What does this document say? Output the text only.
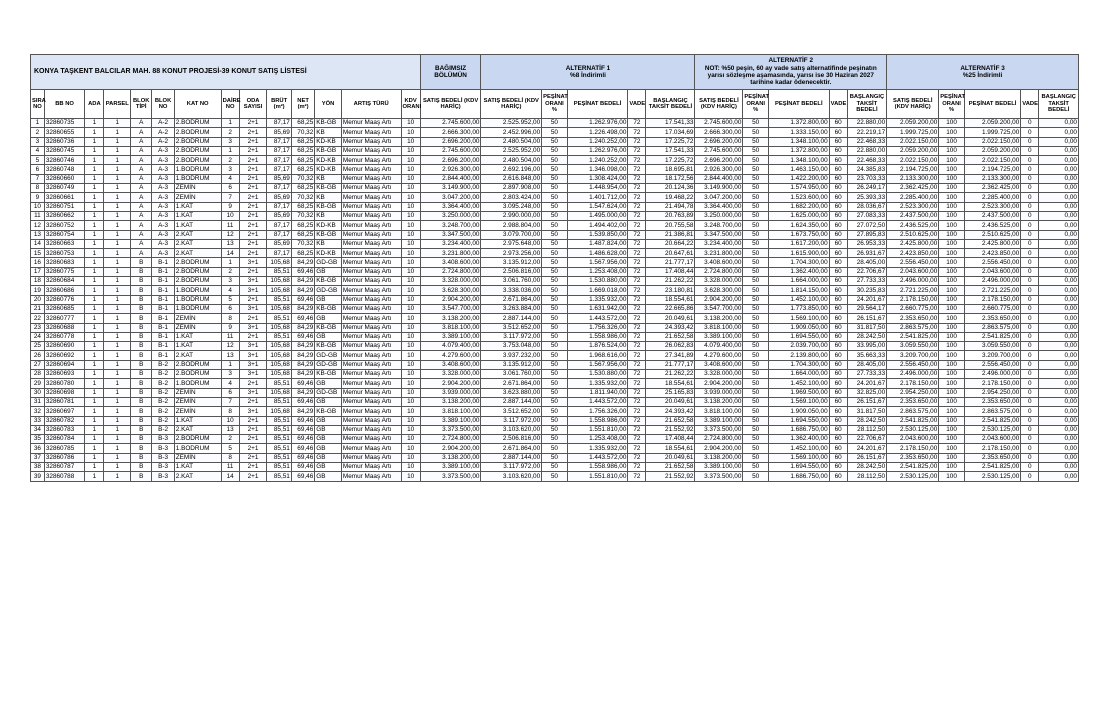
KONYA TAŞKENT BALCILAR MAH. 88 KONUT PROJESİ-39 KONUT SATIŞ LİSTESİ														BAĞIMSIZ BÖLÜMÜN	ALTERNATİF 1
%8 İndirimli					ALTERNATİF 2
NOT: %50 peşin, 60 ay vade satış alternatifinde peşinatın yarısı sözleşme aşamasında, yarısı ise 30 Haziran 2027 tarihine kadar ödenecektir.					ALTERNATİF 3
%25 İndirimli				
SIRA NO	BB NO	ADA	PARSEL	BLOK TİPİ	BLOK NO	KAT NO	DAİRE NO	ODA SAYISI	BRÜT (m²)	NET (m²)	YÖN	ARTIŞ TÜRÜ	KDV ORANI	SATIŞ BEDELİ (KDV HARİÇ)	SATIŞ BEDELİ (KDV HARİÇ)	PEŞİNAT ORANI %	PEŞİNAT BEDELİ	VADE	BAŞLANGIÇ TAKSİT BEDELİ	SATIŞ BEDELİ (KDV HARİÇ)	PEŞİNAT ORANI %	PEŞİNAT BEDELİ	VADE	BAŞLANGIÇ TAKSİT BEDELİ	SATIŞ BEDELİ (KDV HARİÇ)	PEŞİNAT ORANI %	PEŞİNAT BEDELİ	VADE	BAŞLANGIÇ TAKSİT BEDELİ
1	32860735	1	1	A	A-2	2.BODRUM	1	2+1	87,17	68,25	KB-GB	Memur Maaş Artı	10	2.745.600,00	2.525.952,00	50	1.262.976,00	72	17.541,33	2.745.600,00	50	1.372.800,00	60	22.880,00	2.059.200,00	100	2.059.200,00	0	0,00
2	32860655	1	1	A	A-2	2.BODRUM	2	2+1	85,69	70,32	KB	Memur Maaş Artı	10	2.666.300,00	2.452.996,00	50	1.226.498,00	72	17.034,69	2.666.300,00	50	1.333.150,00	60	22.219,17	1.999.725,00	100	1.999.725,00	0	0,00
3	32860736	1	1	A	A-2	2.BODRUM	3	2+1	87,17	68,25	KD-KB	Memur Maaş Artı	10	2.696.200,00	2.480.504,00	50	1.240.252,00	72	17.225,72	2.696.200,00	50	1.348.100,00	60	22.468,33	2.022.150,00	100	2.022.150,00	0	0,00
4	32860745	1	1	A	A-3	2.BODRUM	1	2+1	87,17	68,25	KB-GB	Memur Maaş Artı	10	2.745.600,00	2.525.952,00	50	1.262.976,00	72	17.541,33	2.745.600,00	50	1.372.800,00	60	22.880,00	2.059.200,00	100	2.059.200,00	0	0,00
5	32860746	1	1	A	A-3	2.BODRUM	2	2+1	87,17	68,25	KD-KB	Memur Maaş Artı	10	2.696.200,00	2.480.504,00	50	1.240.252,00	72	17.225,72	2.696.200,00	50	1.348.100,00	60	22.468,33	2.022.150,00	100	2.022.150,00	0	0,00
6	32860748	1	1	A	A-3	1.BODRUM	3	2+1	87,17	68,25	KD-KB	Memur Maaş Artı	10	2.926.300,00	2.692.196,00	50	1.346.098,00	72	18.695,81	2.926.300,00	50	1.463.150,00	60	24.385,83	2.194.725,00	100	2.194.725,00	0	0,00
7	32860660	1	1	A	A-3	1.BODRUM	4	2+1	85,69	70,32	KB	Memur Maaş Artı	10	2.844.400,00	2.616.848,00	50	1.308.424,00	72	18.172,56	2.844.400,00	50	1.422.200,00	60	23.703,33	2.133.300,00	100	2.133.300,00	0	0,00
8	32860749	1	1	A	A-3	ZEMİN	6	2+1	87,17	68,25	KB-GB	Memur Maaş Artı	10	3.149.900,00	2.897.908,00	50	1.448.954,00	72	20.124,36	3.149.900,00	50	1.574.950,00	60	26.249,17	2.362.425,00	100	2.362.425,00	0	0,00
9	32860661	1	1	A	A-3	ZEMİN	7	2+1	85,69	70,32	KB	Memur Maaş Artı	10	3.047.200,00	2.803.424,00	50	1.401.712,00	72	19.468,22	3.047.200,00	50	1.523.600,00	60	25.393,33	2.285.400,00	100	2.285.400,00	0	0,00
10	32860751	1	1	A	A-3	1.KAT	9	2+1	87,17	68,25	KB-GB	Memur Maaş Artı	10	3.364.400,00	3.095.248,00	50	1.547.624,00	72	21.494,78	3.364.400,00	50	1.682.200,00	60	28.036,67	2.523.300,00	100	2.523.300,00	0	0,00
11	32860662	1	1	A	A-3	1.KAT	10	2+1	85,69	70,32	KB	Memur Maaş Artı	10	3.250.000,00	2.990.000,00	50	1.495.000,00	72	20.763,89	3.250.000,00	50	1.625.000,00	60	27.083,33	2.437.500,00	100	2.437.500,00	0	0,00
12	32860752	1	1	A	A-3	1.KAT	11	2+1	87,17	68,25	KD-KB	Memur Maaş Artı	10	3.248.700,00	2.988.804,00	50	1.494.402,00	72	20.755,58	3.248.700,00	50	1.624.350,00	60	27.072,50	2.436.525,00	100	2.436.525,00	0	0,00
13	32860754	1	1	A	A-3	2.KAT	12	2+1	87,17	68,25	KB-GB	Memur Maaş Artı	10	3.347.500,00	3.079.700,00	50	1.539.850,00	72	21.386,81	3.347.500,00	50	1.673.750,00	60	27.895,83	2.510.625,00	100	2.510.625,00	0	0,00
14	32860663	1	1	A	A-3	2.KAT	13	2+1	85,69	70,32	KB	Memur Maaş Artı	10	3.234.400,00	2.975.648,00	50	1.487.824,00	72	20.664,22	3.234.400,00	50	1.617.200,00	60	26.953,33	2.425.800,00	100	2.425.800,00	0	0,00
15	32860753	1	1	A	A-3	2.KAT	14	2+1	87,17	68,25	KD-KB	Memur Maaş Artı	10	3.231.800,00	2.973.256,00	50	1.486.628,00	72	20.647,61	3.231.800,00	50	1.615.900,00	60	26.931,67	2.423.850,00	100	2.423.850,00	0	0,00
16	32860683	1	1	B	B-1	2.BODRUM	1	3+1	105,68	84,29	GD-GB	Memur Maaş Artı	10	3.408.600,00	3.135.912,00	50	1.567.956,00	72	21.777,17	3.408.600,00	50	1.704.300,00	60	28.405,00	2.556.450,00	100	2.556.450,00	0	0,00
17	32860775	1	1	B	B-1	2.BODRUM	2	2+1	85,51	69,46	GB	Memur Maaş Artı	10	2.724.800,00	2.506.816,00	50	1.253.408,00	72	17.408,44	2.724.800,00	50	1.362.400,00	60	22.706,67	2.043.600,00	100	2.043.600,00	0	0,00
18	32860684	1	1	B	B-1	2.BODRUM	3	3+1	105,68	84,29	KB-GB	Memur Maaş Artı	10	3.328.000,00	3.061.760,00	50	1.530.880,00	72	21.262,22	3.328.000,00	50	1.664.000,00	60	27.733,33	2.496.000,00	100	2.496.000,00	0	0,00
19	32860686	1	1	B	B-1	1.BODRUM	4	3+1	105,68	84,29	GD-GB	Memur Maaş Artı	10	3.628.300,00	3.338.036,00	50	1.669.018,00	72	23.180,81	3.628.300,00	50	1.814.150,00	60	30.235,83	2.721.225,00	100	2.721.225,00	0	0,00
20	32860776	1	1	B	B-1	1.BODRUM	5	2+1	85,51	69,46	GB	Memur Maaş Artı	10	2.904.200,00	2.671.864,00	50	1.335.932,00	72	18.554,61	2.904.200,00	50	1.452.100,00	60	24.201,67	2.178.150,00	100	2.178.150,00	0	0,00
21	32860685	1	1	B	B-1	1.BODRUM	6	3+1	105,68	84,29	KB-GB	Memur Maaş Artı	10	3.547.700,00	3.263.884,00	50	1.631.942,00	72	22.665,86	3.547.700,00	50	1.773.850,00	60	29.564,17	2.660.775,00	100	2.660.775,00	0	0,00
22	32860777	1	1	B	B-1	ZEMİN	8	2+1	85,51	69,46	GB	Memur Maaş Artı	10	3.138.200,00	2.887.144,00	50	1.443.572,00	72	20.049,61	3.138.200,00	50	1.569.100,00	60	26.151,67	2.353.650,00	100	2.353.650,00	0	0,00
23	32860688	1	1	B	B-1	ZEMİN	9	3+1	105,68	84,29	KB-GB	Memur Maaş Artı	10	3.818.100,00	3.512.652,00	50	1.756.326,00	72	24.393,42	3.818.100,00	50	1.909.050,00	60	31.817,50	2.863.575,00	100	2.863.575,00	0	0,00
24	32860778	1	1	B	B-1	1.KAT	11	2+1	85,51	69,46	GB	Memur Maaş Artı	10	3.389.100,00	3.117.972,00	50	1.558.986,00	72	21.652,58	3.389.100,00	50	1.694.550,00	60	28.242,50	2.541.825,00	100	2.541.825,00	0	0,00
25	32860690	1	1	B	B-1	1.KAT	12	3+1	105,68	84,29	KB-GB	Memur Maaş Artı	10	4.079.400,00	3.753.048,00	50	1.876.524,00	72	26.062,83	4.079.400,00	50	2.039.700,00	60	33.995,00	3.059.550,00	100	3.059.550,00	0	0,00
26	32860692	1	1	B	B-1	2.KAT	13	3+1	105,68	84,29	GD-GB	Memur Maaş Artı	10	4.279.600,00	3.937.232,00	50	1.968.616,00	72	27.341,89	4.279.600,00	50	2.139.800,00	60	35.663,33	3.209.700,00	100	3.209.700,00	0	0,00
27	32860694	1	1	B	B-2	2.BODRUM	1	3+1	105,68	84,29	GD-GB	Memur Maaş Artı	10	3.408.600,00	3.135.912,00	50	1.567.956,00	72	21.777,17	3.408.600,00	50	1.704.300,00	60	28.405,00	2.556.450,00	100	2.556.450,00	0	0,00
28	32860693	1	1	B	B-2	2.BODRUM	3	3+1	105,68	84,29	KB-GB	Memur Maaş Artı	10	3.328.000,00	3.061.760,00	50	1.530.880,00	72	21.262,22	3.328.000,00	50	1.664.000,00	60	27.733,33	2.496.000,00	100	2.496.000,00	0	0,00
29	32860780	1	1	B	B-2	1.BODRUM	4	2+1	85,51	69,46	GB	Memur Maaş Artı	10	2.904.200,00	2.671.864,00	50	1.335.932,00	72	18.554,61	2.904.200,00	50	1.452.100,00	60	24.201,67	2.178.150,00	100	2.178.150,00	0	0,00
30	32860698	1	1	B	B-2	ZEMİN	6	3+1	105,68	84,29	GD-GB	Memur Maaş Artı	10	3.939.000,00	3.623.880,00	50	1.811.940,00	72	25.165,83	3.939.000,00	50	1.969.500,00	60	32.825,00	2.954.250,00	100	2.954.250,00	0	0,00
31	32860781	1	1	B	B-2	ZEMİN	7	2+1	85,51	69,46	GB	Memur Maaş Artı	10	3.138.200,00	2.887.144,00	50	1.443.572,00	72	20.049,61	3.138.200,00	50	1.569.100,00	60	26.151,67	2.353.650,00	100	2.353.650,00	0	0,00
32	32860697	1	1	B	B-2	ZEMİN	8	3+1	105,68	84,29	KB-GB	Memur Maaş Artı	10	3.818.100,00	3.512.652,00	50	1.756.326,00	72	24.393,42	3.818.100,00	50	1.909.050,00	60	31.817,50	2.863.575,00	100	2.863.575,00	0	0,00
33	32860782	1	1	B	B-2	1.KAT	10	2+1	85,51	69,46	GB	Memur Maaş Artı	10	3.389.100,00	3.117.972,00	50	1.558.986,00	72	21.652,58	3.389.100,00	50	1.694.550,00	60	28.242,50	2.541.825,00	100	2.541.825,00	0	0,00
34	32860783	1	1	B	B-2	2.KAT	13	2+1	85,51	69,46	GB	Memur Maaş Artı	10	3.373.500,00	3.103.620,00	50	1.551.810,00	72	21.552,92	3.373.500,00	50	1.686.750,00	60	28.112,50	2.530.125,00	100	2.530.125,00	0	0,00
35	32860784	1	1	B	B-3	2.BODRUM	2	2+1	85,51	69,46	GB	Memur Maaş Artı	10	2.724.800,00	2.506.816,00	50	1.253.408,00	72	17.408,44	2.724.800,00	50	1.362.400,00	60	22.706,67	2.043.600,00	100	2.043.600,00	0	0,00
36	32860785	1	1	B	B-3	1.BODRUM	5	2+1	85,51	69,46	GB	Memur Maaş Artı	10	2.904.200,00	2.671.864,00	50	1.335.932,00	72	18.554,61	2.904.200,00	50	1.452.100,00	60	24.201,67	2.178.150,00	100	2.178.150,00	0	0,00
37	32860786	1	1	B	B-3	ZEMİN	8	2+1	85,51	69,46	GB	Memur Maaş Artı	10	3.138.200,00	2.887.144,00	50	1.443.572,00	72	20.049,61	3.138.200,00	50	1.569.100,00	60	26.151,67	2.353.650,00	100	2.353.650,00	0	0,00
38	32860787	1	1	B	B-3	1.KAT	11	2+1	85,51	69,46	GB	Memur Maaş Artı	10	3.389.100,00	3.117.972,00	50	1.558.986,00	72	21.652,58	3.389.100,00	50	1.694.550,00	60	28.242,50	2.541.825,00	100	2.541.825,00	0	0,00
39	32860788	1	1	B	B-3	2.KAT	14	2+1	85,51	69,46	GB	Memur Maaş Artı	10	3.373.500,00	3.103.620,00	50	1.551.810,00	72	21.552,92	3.373.500,00	50	1.686.750,00	60	28.112,50	2.530.125,00	100	2.530.125,00	0	0,00
